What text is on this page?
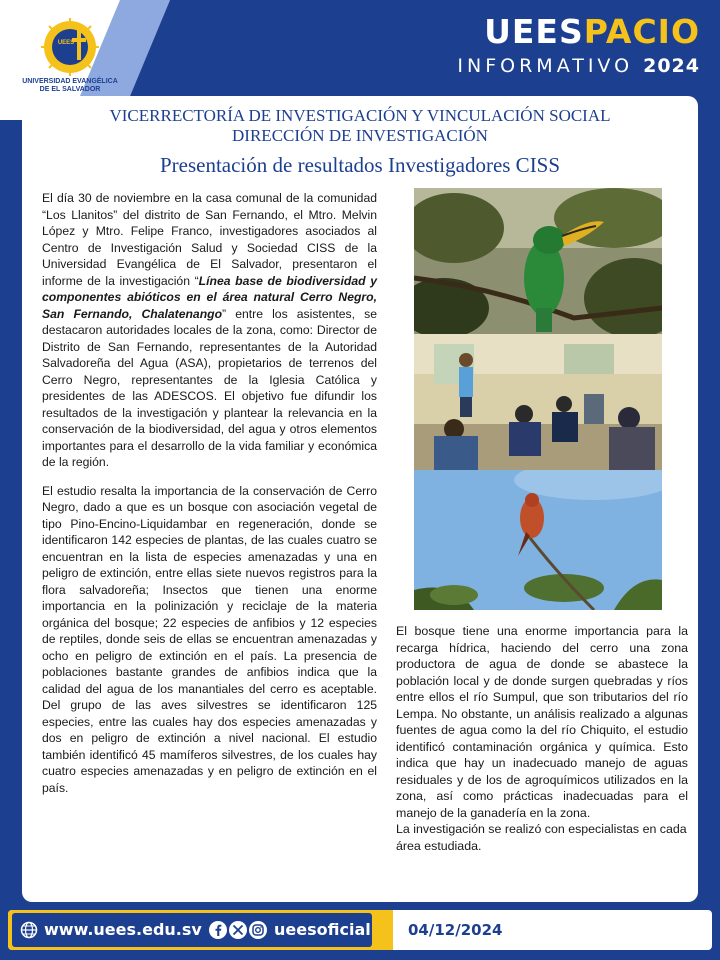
UEES
UNIVERSIDAD EVANGÉLICA
DE EL SALVADOR
UEESPACIO
INFORMATIVO 2024
VICERRECTORÍA DE INVESTIGACIÓN Y VINCULACIÓN SOCIAL
DIRECCIÓN DE INVESTIGACIÓN
Presentación de resultados Investigadores CISS

El día 30 de noviembre en la casa comunal de la comunidad “Los Llanitos” del distrito de San Fernando, el Mtro. Melvin López y Mtro. Felipe Franco, investigadores asociados al Centro de Investigación Salud y Sociedad CISS de la Universidad Evangélica de El Salvador, presentaron el informe de la investigación “Línea base de biodiversidad y componentes abióticos en el área natural Cerro Negro, San Fernando, Chalatenango” entre los asistentes, se destacaron autoridades locales de la zona, como: Director de Distrito de San Fernando, representantes de la Autoridad Salvadoreña del Agua (ASA), propietarios de terrenos del Cerro Negro, representantes de la Iglesia Católica y presidentes de las ADESCOS. El objetivo fue difundir los resultados de la investigación y plantear la relevancia en la conservación de la biodiversidad, del agua y otros elementos importantes para el desarrollo de la vida familiar y económica de la región.

El estudio resalta la importancia de la conservación de Cerro Negro, dado a que es un bosque con asociación vegetal de tipo Pino-Encino-Liquidambar en regeneración, donde se identificaron 142 especies de plantas, de las cuales cuatro se encuentran en la lista de especies amenazadas y una en peligro de extinción, entre ellas siete nuevos registros para la flora salvadoreña; Insectos que tienen una enorme importancia en la polinización y reciclaje de la materia orgánica del bosque; 22 especies de anfibios y 12 especies de reptiles, donde seis de ellas se encuentran amenazadas y ocho en peligro de extinción en el país. La presencia de poblaciones bastante grandes de anfibios indica que la calidad del agua de los manantiales del cerro es aceptable. Del grupo de las aves silvestres se identificaron 125 especies, entre las cuales hay dos especies amenazadas y dos en peligro de extinción a nivel nacional. El estudio también identificó 45 mamíferos silvestres, de los cuales hay cuatro especies amenazadas y en peligro de extinción en el país.

El bosque tiene una enorme importancia para la recarga hídrica, haciendo del cerro una zona productora de agua de donde se abastece la población local y de donde surgen quebradas y ríos entre ellos el río Sumpul, que son tributarios del río Lempa. No obstante, un análisis realizado a algunas fuentes de agua como la del río Chiquito, el estudio identificó contaminación orgánica y química. Esto indica que hay un inadecuado manejo de aguas residuales y de los de agroquímicos utilizados en la zona, así como prácticas inadecuadas para el manejo de la ganadería en la zona.

La investigación se realizó con especialistas en cada área estudiada.

www.uees.edu.sv	ueesoficial 04/12/2024
